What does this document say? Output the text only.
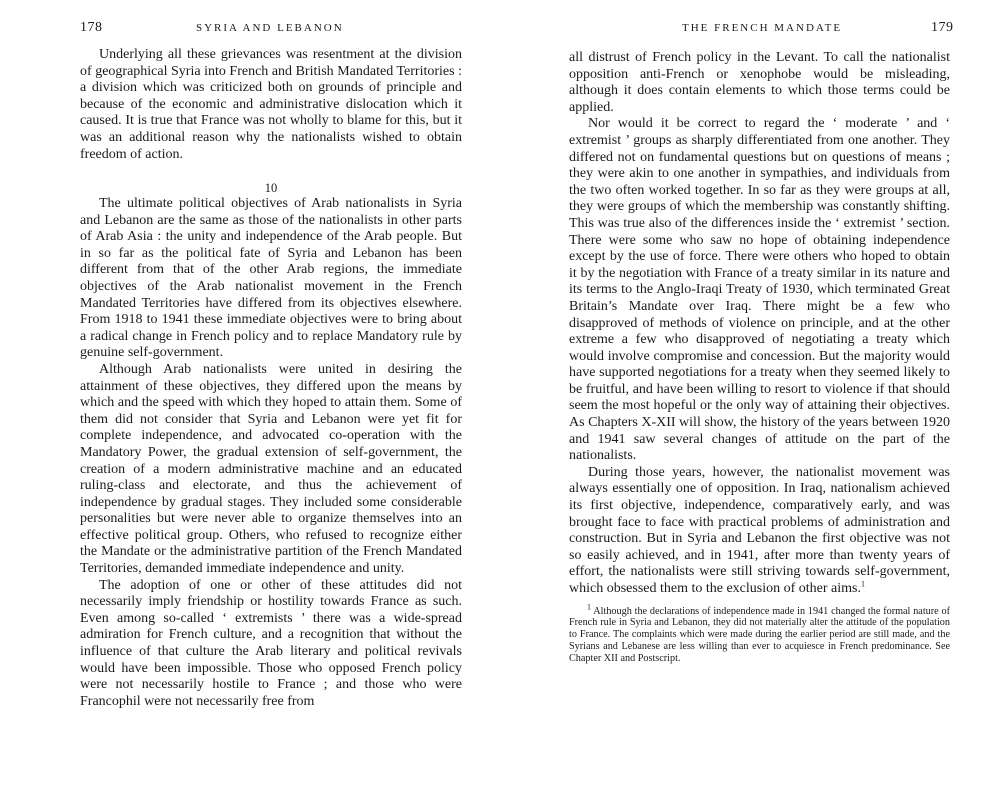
178	SYRIA AND LEBANON

Underlying all these grievances was resentment at the division of geographical Syria into French and British Mandated Territories : a division which was criticized both on grounds of principle and because of the economic and administrative dislocation which it caused. It is true that France was not wholly to blame for this, but it was an additional reason why the nationalists wished to obtain freedom of action.

10

The ultimate political objectives of Arab nationalists in Syria and Lebanon are the same as those of the nationalists in other parts of Arab Asia : the unity and independence of the Arab people. But in so far as the political fate of Syria and Lebanon has been different from that of the other Arab regions, the immediate objectives of the Arab nationalist movement in the French Mandated Territories have differed from its objectives elsewhere. From 1918 to 1941 these immediate objectives were to bring about a radical change in French policy and to replace Mandatory rule by genuine self-government.

Although Arab nationalists were united in desiring the attainment of these objectives, they differed upon the means by which and the speed with which they hoped to attain them. Some of them did not consider that Syria and Lebanon were yet fit for complete independence, and advocated co-operation with the Mandatory Power, the gradual extension of self-government, the creation of a modern administrative machine and an educated ruling-class and electorate, and thus the achievement of independence by gradual stages. They included some considerable personalities but were never able to organize themselves into an effective political group. Others, who refused to recognize either the Mandate or the administrative partition of the French Mandated Territories, demanded immediate independence and unity.

The adoption of one or other of these attitudes did not necessarily imply friendship or hostility towards France as such. Even among so-called ‘ extremists ’ there was a wide-spread admiration for French culture, and a recognition that without the influence of that culture the Arab literary and political revivals would have been impossible. Those who opposed French policy were not necessarily hostile to France ; and those who were Francophil were not necessarily free from

THE FRENCH MANDATE	179

all distrust of French policy in the Levant. To call the nationalist opposition anti-French or xenophobe would be misleading, although it does contain elements to which those terms could be applied.

Nor would it be correct to regard the ‘ moderate ’ and ‘ extremist ’ groups as sharply differentiated from one another. They differed not on fundamental questions but on questions of means ; they were akin to one another in sympathies, and individuals from the two often worked together. In so far as they were groups at all, they were groups of which the membership was constantly shifting. This was true also of the differences inside the ‘ extremist ’ section. There were some who saw no hope of obtaining independence except by the use of force. There were others who hoped to obtain it by the negotiation with France of a treaty similar in its nature and its terms to the Anglo-Iraqi Treaty of 1930, which terminated Great Britain’s Mandate over Iraq. There might be a few who disapproved of methods of violence on principle, and at the other extreme a few who disapproved of negotiating a treaty which would involve compromise and concession. But the majority would have supported negotiations for a treaty when they seemed likely to be fruitful, and have been willing to resort to violence if that should seem the most hopeful or the only way of attaining their objectives. As Chapters X-XII will show, the history of the years between 1920 and 1941 saw several changes of attitude on the part of the nationalists.

During those years, however, the nationalist movement was always essentially one of opposition. In Iraq, nationalism achieved its first objective, independence, comparatively early, and was brought face to face with practical problems of administration and construction. But in Syria and Lebanon the first objective was not so easily achieved, and in 1941, after more than twenty years of effort, the nationalists were still striving towards self-government, which obsessed them to the exclusion of other aims.$^1$

$^1$ Although the declarations of independence made in 1941 changed the formal nature of French rule in Syria and Lebanon, they did not materially alter the attitude of the population to France. The complaints which were made during the earlier period are still made, and the Syrians and Lebanese are less willing than ever to acquiesce in French predominance. See Chapter XII and Postscript.
